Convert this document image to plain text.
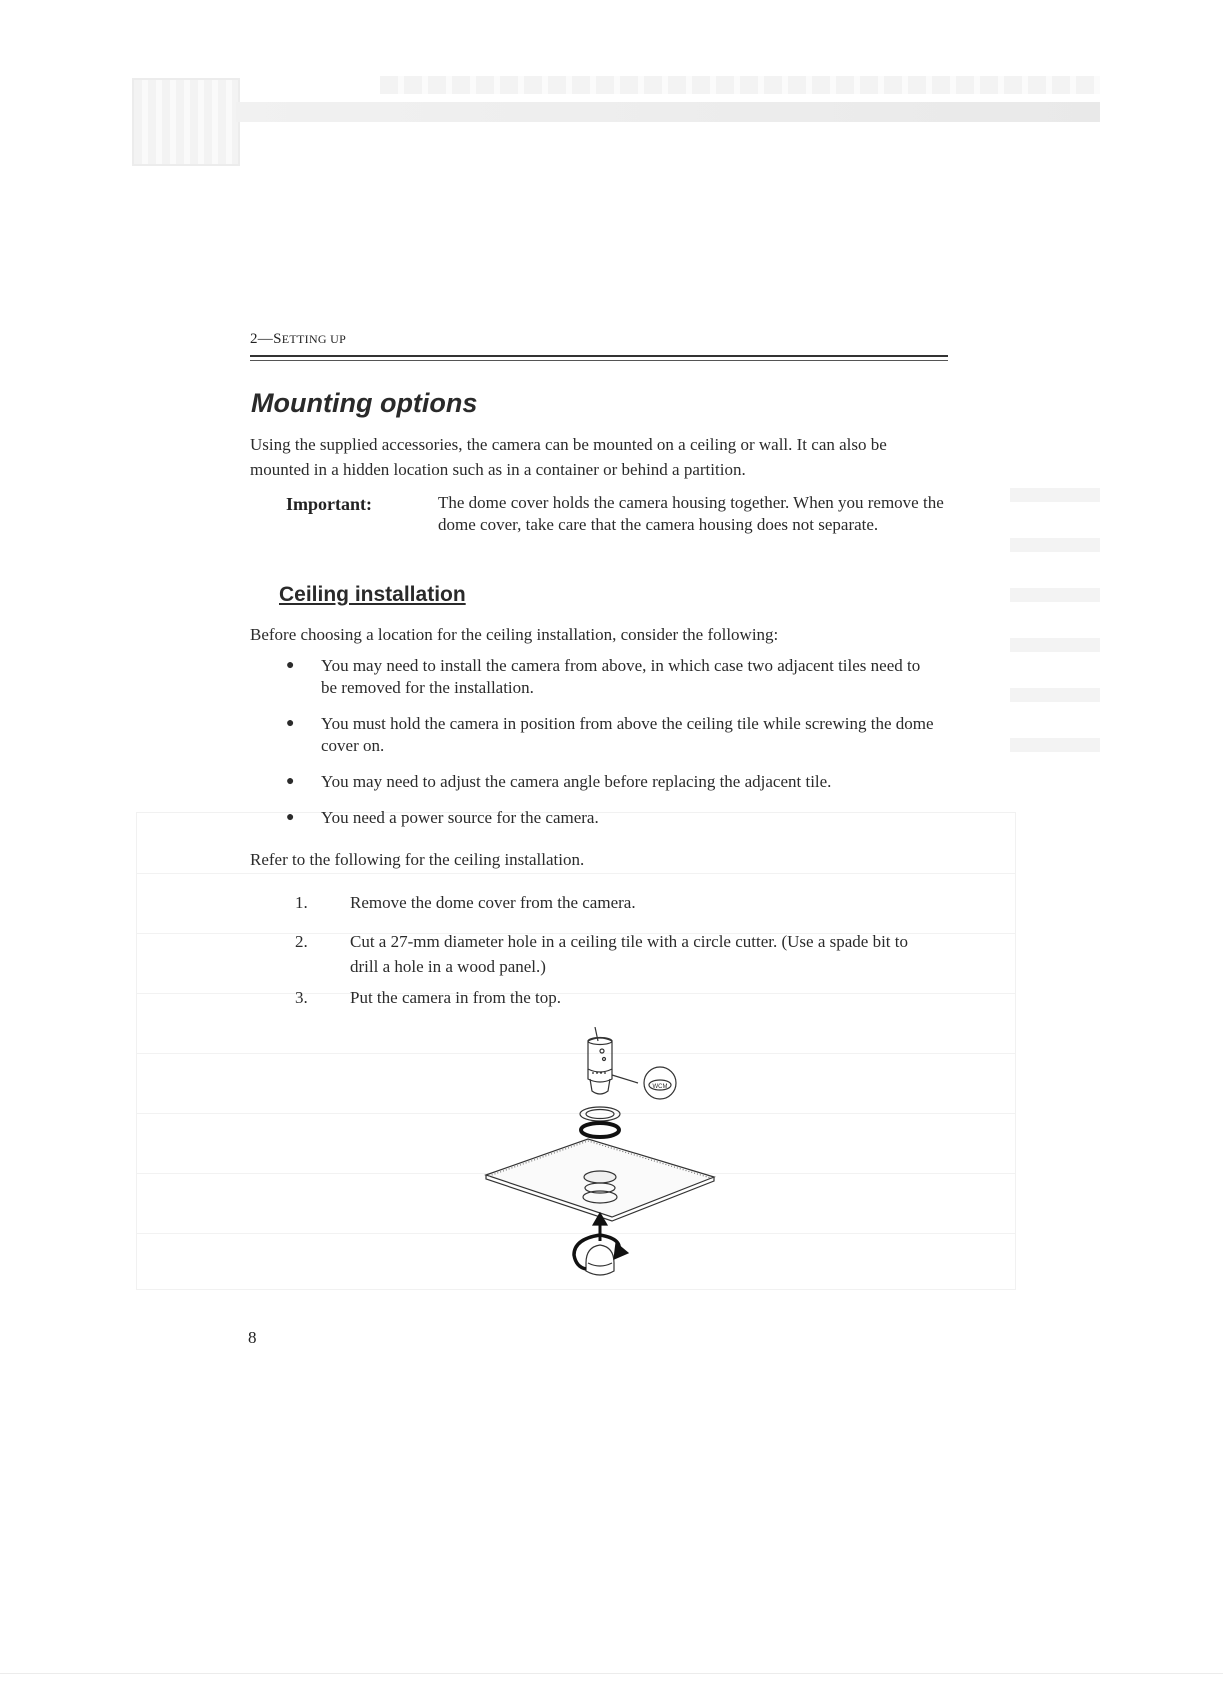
2—SETTING UP
Mounting options

Using the supplied accessories, the camera can be mounted on a ceiling or wall. It can also be mounted in a hidden location such as in a container or behind a partition.

Important:	The dome cover holds the camera housing together. When you remove the dome cover, take care that the camera housing does not separate.

Ceiling installation

Before choosing a location for the ceiling installation, consider the following:

● You may need to install the camera from above, in which case two adjacent tiles need to be removed for the installation.
● You must hold the camera in position from above the ceiling tile while screwing the dome cover on.
● You may need to adjust the camera angle before replacing the adjacent tile.
● You need a power source for the camera.

Refer to the following for the ceiling installation.

1. Remove the dome cover from the camera.
2. Cut a 27-mm diameter hole in a ceiling tile with a circle cutter. (Use a spade bit to drill a hole in a wood panel.)
3. Put the camera in from the top.
WCM
8
